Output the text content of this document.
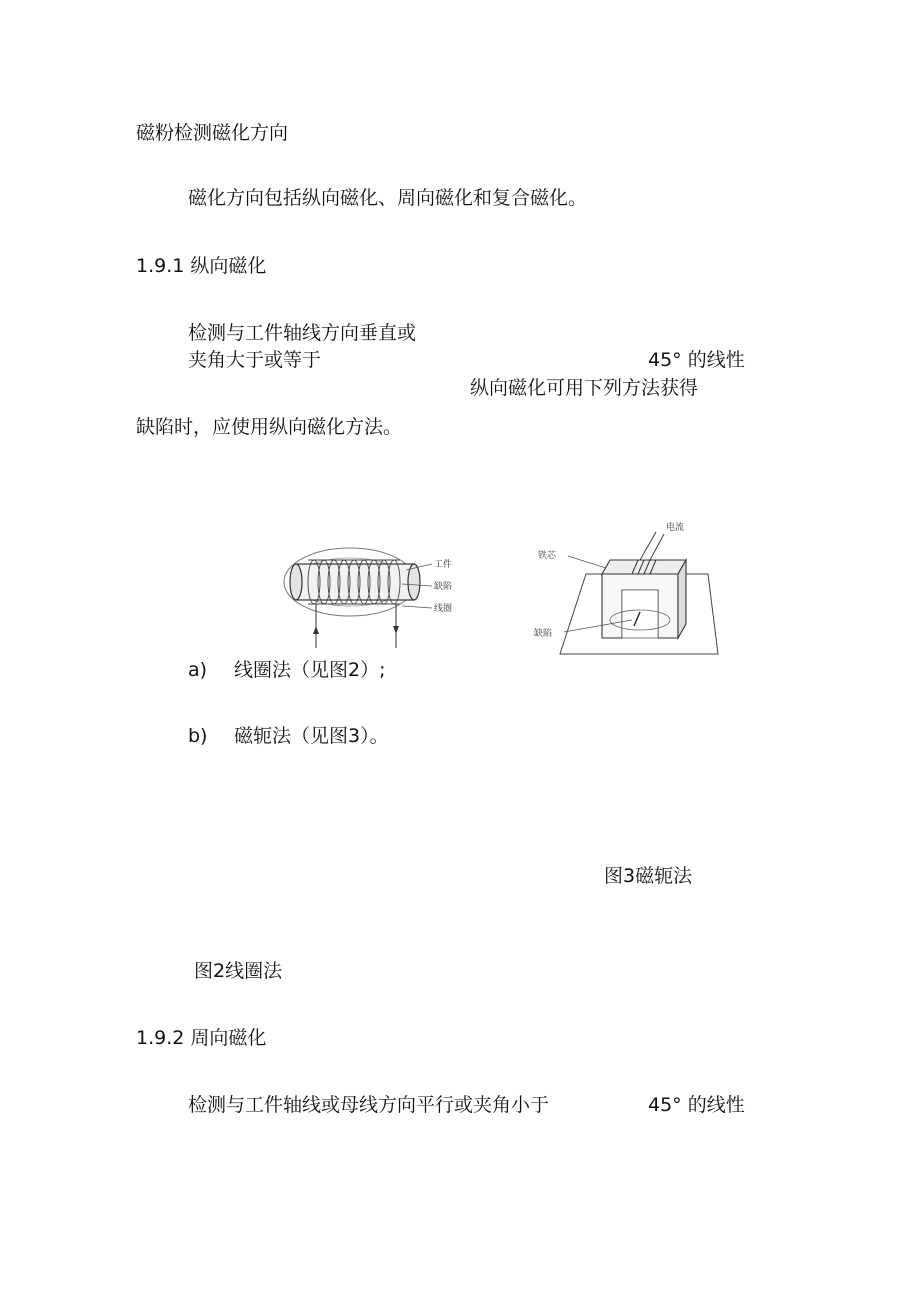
磁粉检测磁化方向
磁化方向包括纵向磁化、周向磁化和复合磁化。
1.9.1 纵向磁化
检测与工件轴线方向垂直或
夹角大于或等于	45° 的线性
纵向磁化可用下列方法获得
缺陷时，应使用纵向磁化方法。
工件
缺陷
线圈
电流
铁芯
缺陷
a) 线圈法（见图2）;
b) 磁轭法（见图3）。
图3磁轭法
图2线圈法
1.9.2 周向磁化
检测与工件轴线或母线方向平行或夹角小于	45° 的线性
